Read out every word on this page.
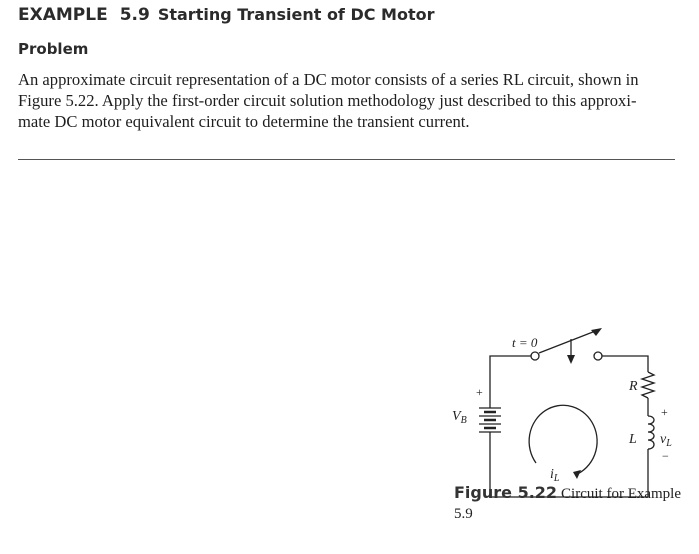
EXAMPLE 5.9 Starting Transient of DC Motor
Problem

An approximate circuit representation of a DC motor consists of a series RL circuit, shown in

Figure 5.22. Apply the first-order circuit solution methodology just described to this approxi-

mate DC motor equivalent circuit to determine the transient current.

t = 0
+
$V_B$
R
L
+
$v_L$
−
$i_L$
Figure 5.22 Circuit for Example 5.9
